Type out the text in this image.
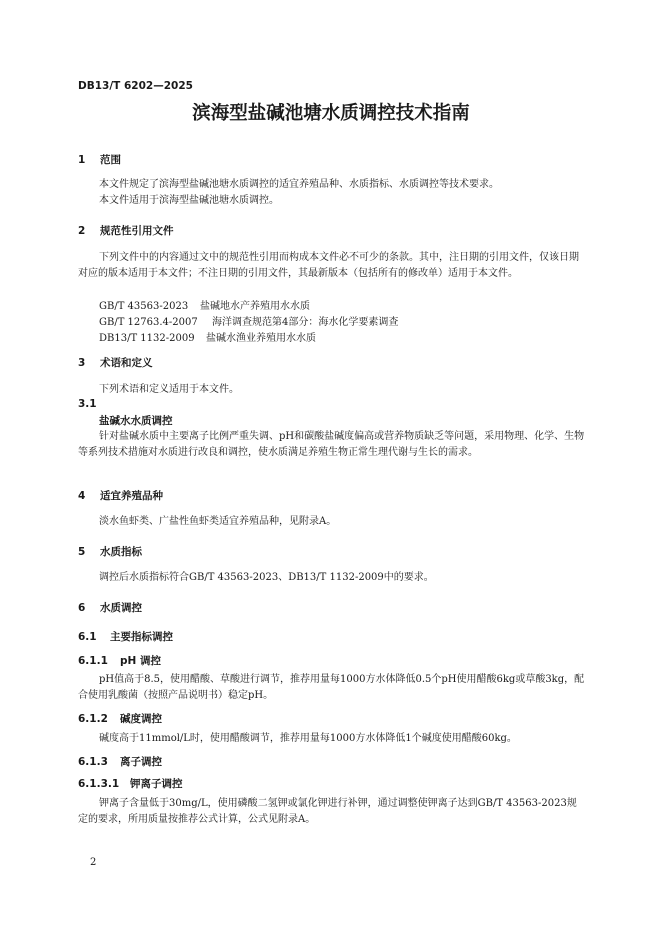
DB13/T 6202—2025
滨海型盐碱池塘水质调控技术指南
1 范围
本文件规定了滨海型盐碱池塘水质调控的适宜养殖品种、水质指标、水质调控等技术要求。
本文件适用于滨海型盐碱池塘水质调控。
2 规范性引用文件
下列文件中的内容通过文中的规范性引用而构成本文件必不可少的条款。其中，注日期的引用文件，仅该日期对应的版本适用于本文件；不注日期的引用文件，其最新版本（包括所有的修改单）适用于本文件。
GB/T 43563-2023 盐碱地水产养殖用水水质
GB/T 12763.4-2007 海洋调查规范第4部分：海水化学要素调查
DB13/T 1132-2009 盐碱水渔业养殖用水水质
3 术语和定义
下列术语和定义适用于本文件。
3.1
盐碱水水质调控
针对盐碱水质中主要离子比例严重失调、pH和碳酸盐碱度偏高或营养物质缺乏等问题，采用物理、化学、生物等系列技术措施对水质进行改良和调控，使水质满足养殖生物正常生理代谢与生长的需求。
4 适宜养殖品种
淡水鱼虾类、广盐性鱼虾类适宜养殖品种，见附录A。
5 水质指标
调控后水质指标符合GB/T 43563-2023、DB13/T 1132-2009中的要求。
6 水质调控
6.1 主要指标调控
6.1.1 pH 调控
pH值高于8.5，使用醋酸、草酸进行调节，推荐用量每1000方水体降低0.5个pH使用醋酸6kg或草酸3kg，配合使用乳酸菌（按照产品说明书）稳定pH。
6.1.2 碱度调控
碱度高于11mmol/L时，使用醋酸调节，推荐用量每1000方水体降低1个碱度使用醋酸60kg。
6.1.3 离子调控
6.1.3.1 钾离子调控
钾离子含量低于30mg/L，使用磷酸二氢钾或氯化钾进行补钾，通过调整使钾离子达到GB/T 43563-2023规定的要求，所用质量按推荐公式计算，公式见附录A。
2
